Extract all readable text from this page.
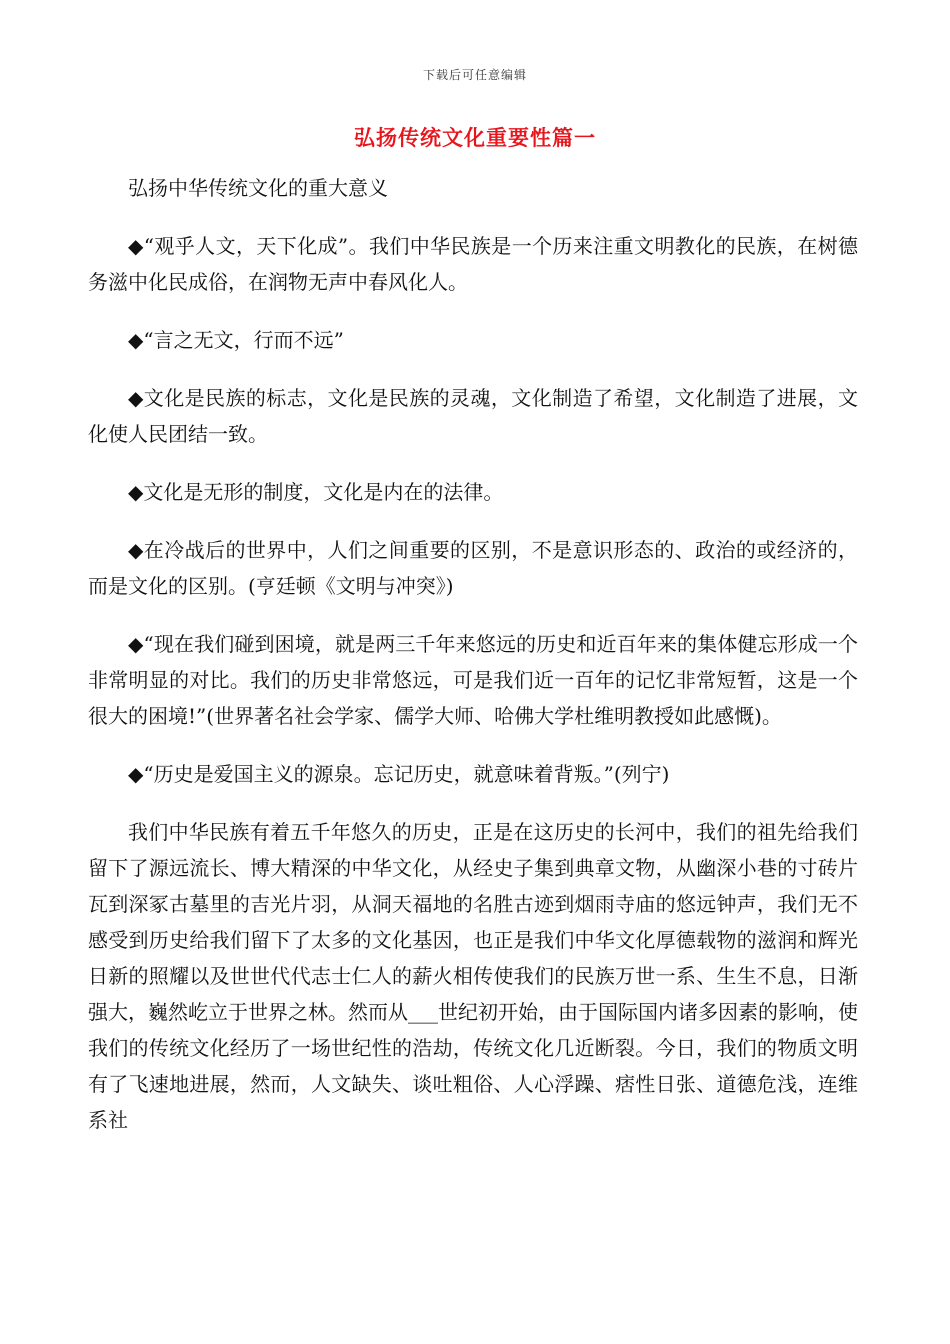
下载后可任意编辑
弘扬传统文化重要性篇一

弘扬中华传统文化的重大意义

◆“观乎人文，天下化成”。我们中华民族是一个历来注重文明教化的民族，在树德务滋中化民成俗，在润物无声中春风化人。

◆“言之无文，行而不远”

◆文化是民族的标志，文化是民族的灵魂，文化制造了希望，文化制造了进展，文化使人民团结一致。

◆文化是无形的制度，文化是内在的法律。

◆在冷战后的世界中，人们之间重要的区别，不是意识形态的、政治的或经济的，而是文化的区别。(亨廷顿《文明与冲突》)

◆“现在我们碰到困境，就是两三千年来悠远的历史和近百年来的集体健忘形成一个非常明显的对比。我们的历史非常悠远，可是我们近一百年的记忆非常短暂，这是一个很大的困境!”(世界著名社会学家、儒学大师、哈佛大学杜维明教授如此感慨)。

◆“历史是爱国主义的源泉。忘记历史，就意味着背叛。”(列宁)

我们中华民族有着五千年悠久的历史，正是在这历史的长河中，我们的祖先给我们留下了源远流长、博大精深的中华文化，从经史子集到典章文物，从幽深小巷的寸砖片瓦到深冢古墓里的吉光片羽，从洞天福地的名胜古迹到烟雨寺庙的悠远钟声，我们无不感受到历史给我们留下了太多的文化基因，也正是我们中华文化厚德载物的滋润和辉光日新的照耀以及世世代代志士仁人的薪火相传使我们的民族万世一系、生生不息，日渐强大，巍然屹立于世界之林。然而从___世纪初开始，由于国际国内诸多因素的影响，使我们的传统文化经历了一场世纪性的浩劫，传统文化几近断裂。今日，我们的物质文明有了飞速地进展，然而，人文缺失、谈吐粗俗、人心浮躁、痞性日张、道德危浅，连维系社
